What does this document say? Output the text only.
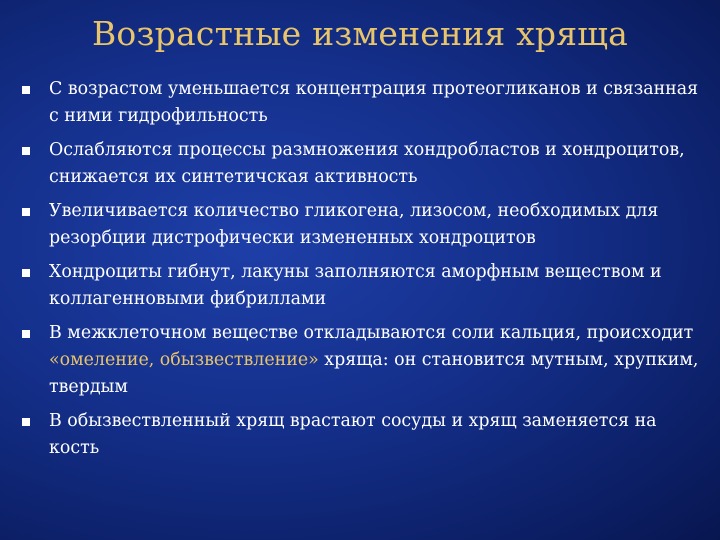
Возрастные изменения хряща
С возрастом уменьшается концентрация протеогликанов и связанная с ними гидрофильность
Ослабляются процессы размножения хондробластов и хондроцитов, снижается их синтетичская активность
Увеличивается количество гликогена, лизосом, необходимых для резорбции дистрофически измененных хондроцитов
Хондроциты гибнут, лакуны заполняются аморфным веществом и коллагенновыми фибриллами
В межклеточном веществе откладываются соли кальция, происходит «омеление, обызвествление» хряща: он становится мутным, хрупким, твердым
В обызвествленный хрящ врастают сосуды и хрящ заменяется на кость
